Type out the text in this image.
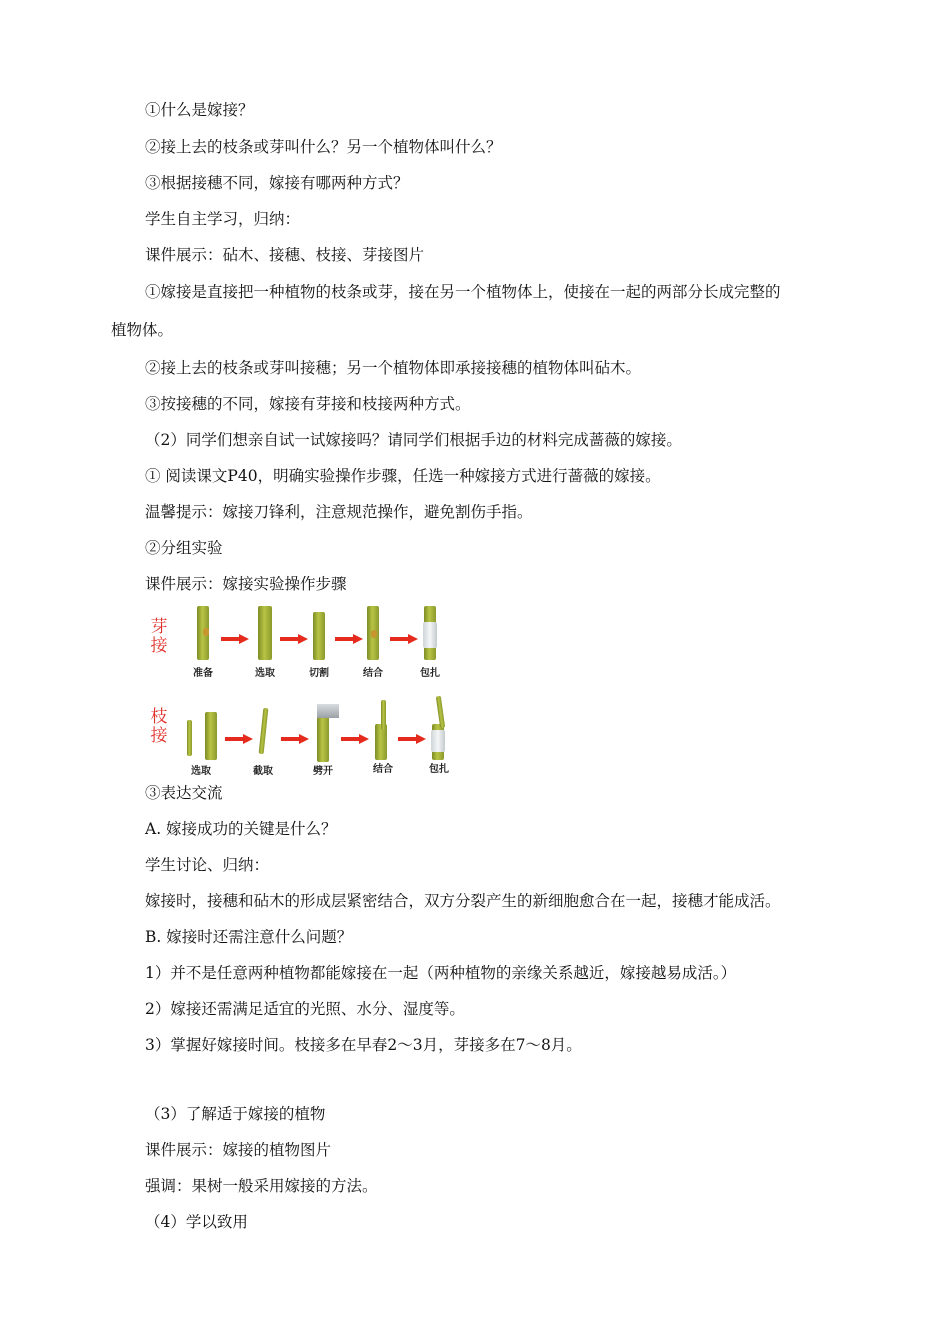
①什么是嫁接？
②接上去的枝条或芽叫什么？另一个植物体叫什么？
③根据接穗不同，嫁接有哪两种方式？
学生自主学习，归纳：
课件展示：砧木、接穗、枝接、芽接图片
①嫁接是直接把一种植物的枝条或芽，接在另一个植物体上，使接在一起的两部分长成完整的
植物体。
②接上去的枝条或芽叫接穗；另一个植物体即承接接穗的植物体叫砧木。
③按接穗的不同，嫁接有芽接和枝接两种方式。
（2）同学们想亲自试一试嫁接吗？请同学们根据手边的材料完成蔷薇的嫁接。
① 阅读课文P40，明确实验操作步骤，任选一种嫁接方式进行蔷薇的嫁接。
温馨提示：嫁接刀锋利，注意规范操作，避免割伤手指。
②分组实验
课件展示：嫁接实验操作步骤
芽接
准备	选取	切割	结合	包扎
枝接
选取	截取	劈开	结合	包扎
③表达交流
A. 嫁接成功的关键是什么？
学生讨论、归纳：
嫁接时，接穗和砧木的形成层紧密结合，双方分裂产生的新细胞愈合在一起，接穗才能成活。
B. 嫁接时还需注意什么问题？
1）并不是任意两种植物都能嫁接在一起（两种植物的亲缘关系越近，嫁接越易成活。）
2）嫁接还需满足适宜的光照、水分、湿度等。
3）掌握好嫁接时间。枝接多在早春2～3月，芽接多在7～8月。
（3）了解适于嫁接的植物
课件展示：嫁接的植物图片
强调：果树一般采用嫁接的方法。
（4）学以致用
